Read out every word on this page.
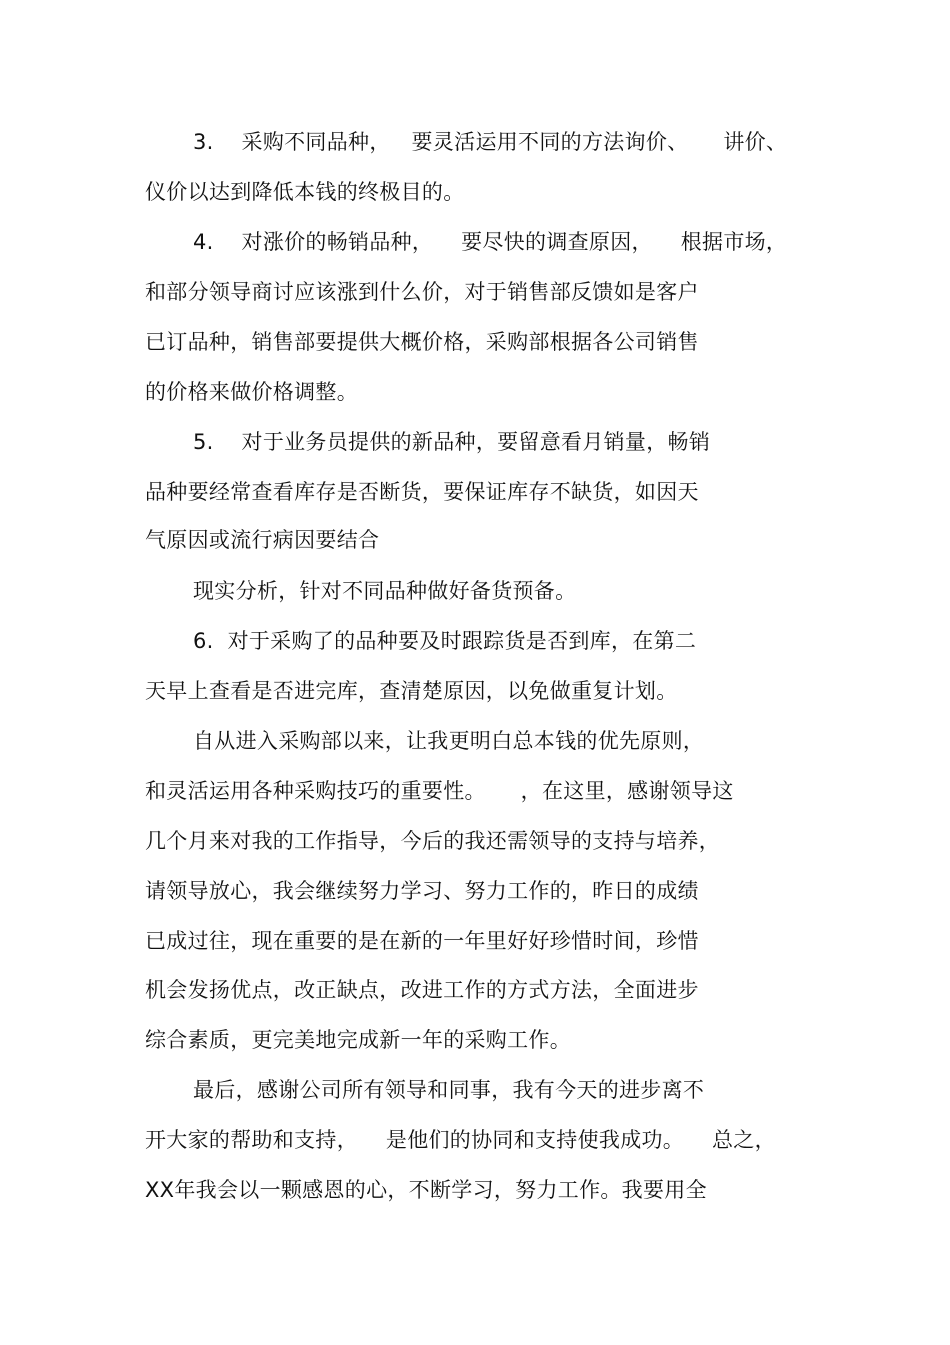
3.    采购不同品种，   要灵活运用不同的方法询价、     讲价、
仪价以达到降低本钱的终极目的。
4.    对涨价的畅销品种，    要尽快的调查原因，    根据市场，
和部分领导商讨应该涨到什么价，对于销售部反馈如是客户
已订品种，销售部要提供大概价格，采购部根据各公司销售
的价格来做价格调整。
5.    对于业务员提供的新品种，要留意看月销量，畅销
品种要经常查看库存是否断货，要保证库存不缺货，如因天
气原因或流行病因要结合
现实分析，针对不同品种做好备货预备。
6.  对于采购了的品种要及时跟踪货是否到库，在第二
天早上查看是否进完库，查清楚原因，以免做重复计划。
自从进入采购部以来，让我更明白总本钱的优先原则，
和灵活运用各种采购技巧的重要性。     ，在这里，感谢领导这
几个月来对我的工作指导，今后的我还需领导的支持与培养，
请领导放心，我会继续努力学习、努力工作的，昨日的成绩
已成过往，现在重要的是在新的一年里好好珍惜时间，珍惜
机会发扬优点，改正缺点，改进工作的方式方法，全面进步
综合素质，更完美地完成新一年的采购工作。
最后，感谢公司所有领导和同事，我有今天的进步离不
开大家的帮助和支持，    是他们的协同和支持使我成功。    总之，
XX年我会以一颗感恩的心，不断学习，努力工作。我要用全
